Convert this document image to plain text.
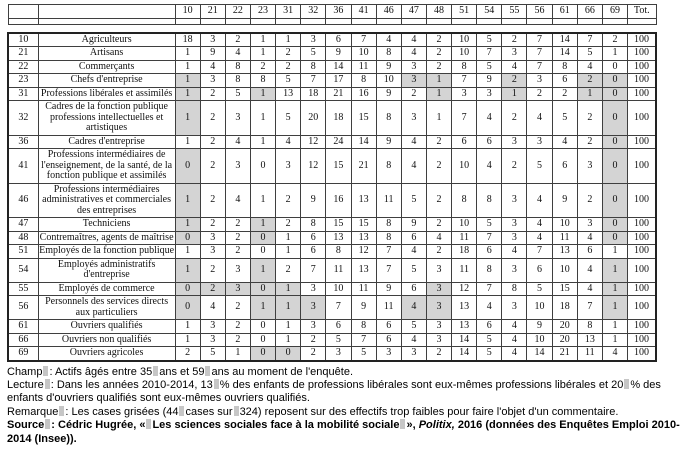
		10	21	22	23	31	32	36	41	46	47	48	51	54	55	56	61	66	69	Tot.

10	Agriculteurs	18	3	2	1	1	3	6	7	4	4	2	10	5	2	7	14	7	2	100
21	Artisans	1	9	4	1	2	5	9	10	8	4	2	10	7	3	7	14	5	1	100
22	Commerçants	1	4	8	2	2	8	14	11	9	3	2	8	5	4	7	8	4	0	100
23	Chefs d'entreprise	1	3	8	8	5	7	17	8	10	3	1	7	9	2	3	6	2	0	100
31	Professions libérales et assimilés	1	2	5	1	13	18	21	16	9	2	1	3	3	1	2	2	1	0	100
32	Cadres de la fonction publique professions intellectuelles et artistiques	1	2	3	1	5	20	18	15	8	3	1	7	4	2	4	5	2	0	100
36	Cadres d'entreprise	1	2	4	1	4	12	24	14	9	4	2	6	6	3	3	4	2	0	100
41	Professions intermédiaires de l'enseignement, de la santé, de la fonction publique et assimilés	0	2	3	0	3	12	15	21	8	4	2	10	4	2	5	6	3	0	100
46	Professions intermédiaires administratives et commerciales des entreprises	1	2	4	1	2	9	16	13	11	5	2	8	8	3	4	9	2	0	100
47	Techniciens	1	2	2	1	2	8	15	15	8	9	2	10	5	3	4	10	3	0	100
48	Contremaîtres, agents de maîtrise	0	3	2	0	1	6	13	13	8	6	4	11	7	3	4	11	4	0	100
51	Employés de la fonction publique	1	3	2	0	1	6	8	12	7	4	2	18	6	4	7	13	6	1	100
54	Employés administratifs d'entreprise	1	2	3	1	2	7	11	13	7	5	3	11	8	3	6	10	4	1	100
55	Employés de commerce	0	2	3	0	1	3	10	11	9	6	3	12	7	8	5	15	4	1	100
56	Personnels des services directs aux particuliers	0	4	2	1	1	3	7	9	11	4	3	13	4	3	10	18	7	1	100
61	Ouvriers qualifiés	1	3	2	0	1	3	6	8	6	5	3	13	6	4	9	20	8	1	100
66	Ouvriers non qualifiés	1	3	2	0	1	2	5	7	6	4	3	14	5	4	10	20	13	1	100
69	Ouvriers agricoles	2	5	1	0	0	2	3	5	3	3	2	14	5	4	14	21	11	4	100

Champ : Actifs âgés entre 35 ans et 59 ans au moment de l'enquête.

Lecture : Dans les années 2010-2014, 13 % des enfants de professions libérales sont eux-mêmes professions libérales et 20 % des enfants d'ouvriers qualifiés sont eux-mêmes ouvriers qualifiés.

Remarque : Les cases grisées (44 cases sur 324) reposent sur des effectifs trop faibles pour faire l'objet d'un commentaire.

Source : Cédric Hugrée, « Les sciences sociales face à la mobilité sociale », Politix, 2016 (données des Enquêtes Emploi 2010-2014 (Insee)).
